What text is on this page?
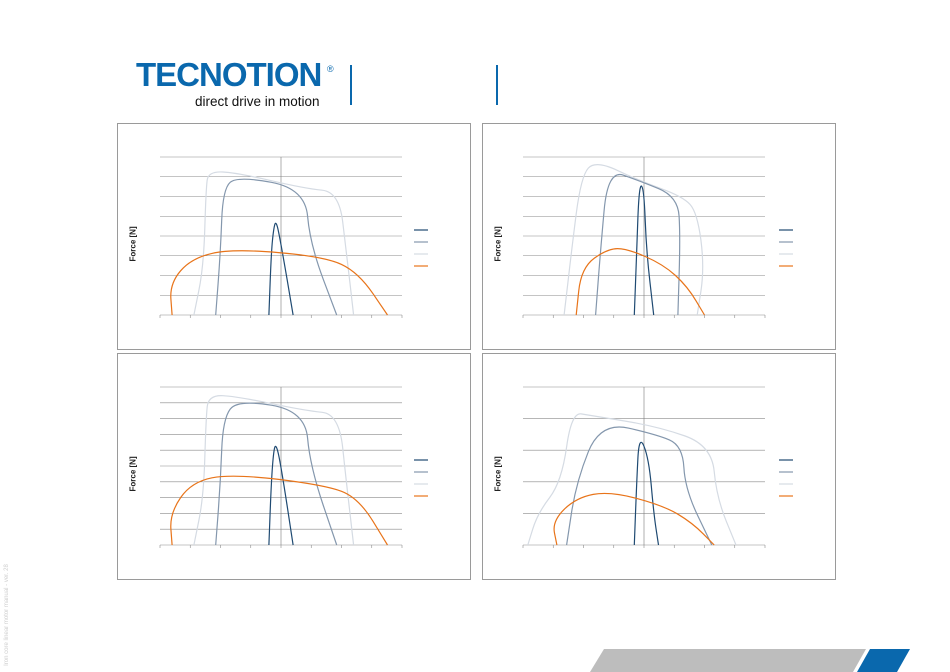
TECNOTION ®
direct drive in motion
Iron core linear motor manual - ver. 28
Force [N]	Force [N]
Force [N]	Force [N]
